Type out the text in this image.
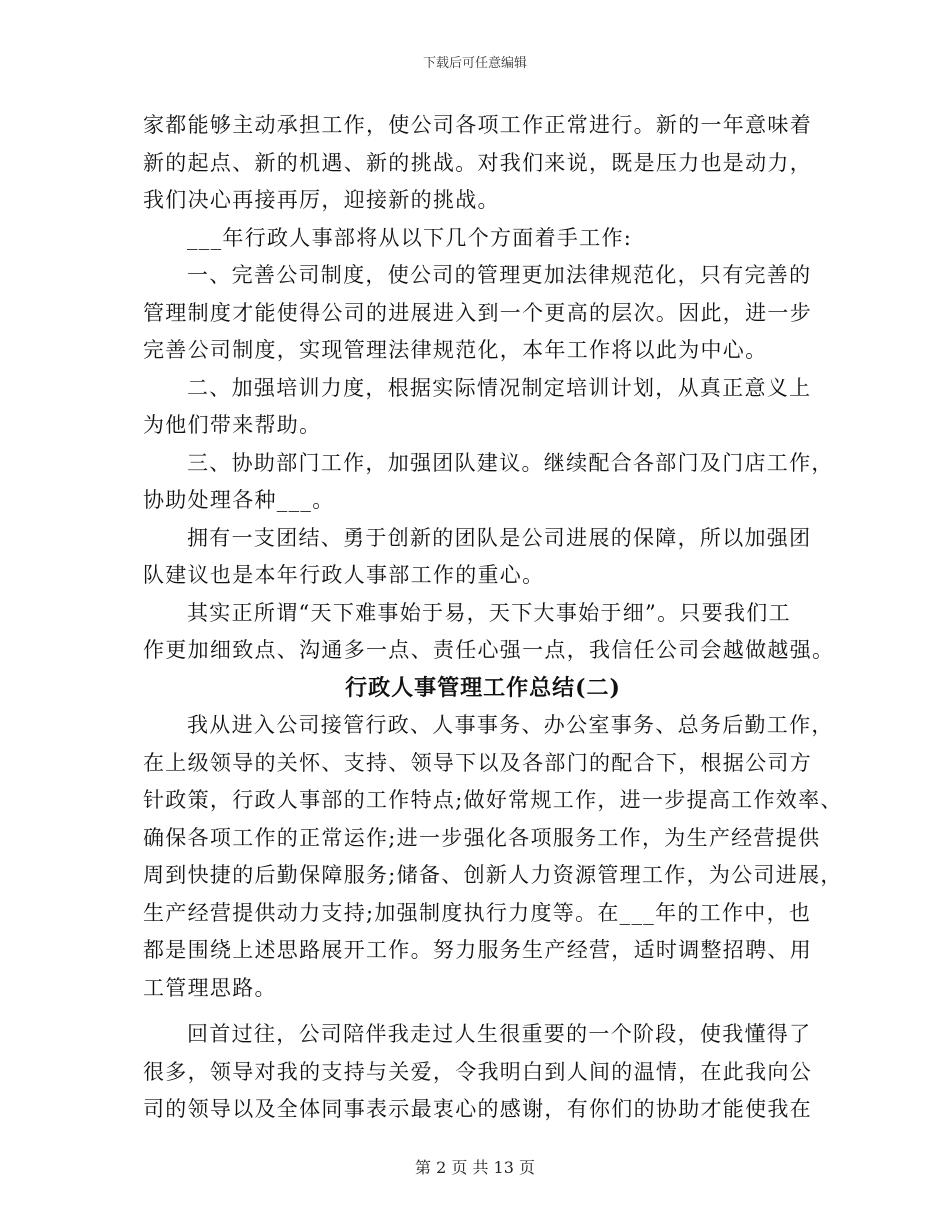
下载后可任意编辑
家都能够主动承担工作，使公司各项工作正常进行。新的一年意味着
新的起点、新的机遇、新的挑战。对我们来说，既是压力也是动力，
我们决心再接再厉，迎接新的挑战。
___年行政人事部将从以下几个方面着手工作:
一、完善公司制度，使公司的管理更加法律规范化，只有完善的
管理制度才能使得公司的进展进入到一个更高的层次。因此，进一步
完善公司制度，实现管理法律规范化，本年工作将以此为中心。
二、加强培训力度，根据实际情况制定培训计划，从真正意义上
为他们带来帮助。
三、协助部门工作，加强团队建议。继续配合各部门及门店工作，
协助处理各种___。
拥有一支团结、勇于创新的团队是公司进展的保障，所以加强团
队建议也是本年行政人事部工作的重心。
其实正所谓“天下难事始于易，天下大事始于细”。只要我们工
作更加细致点、沟通多一点、责任心强一点，我信任公司会越做越强。
行政人事管理工作总结(二)
我从进入公司接管行政、人事事务、办公室事务、总务后勤工作，
在上级领导的关怀、支持、领导下以及各部门的配合下，根据公司方
针政策，行政人事部的工作特点;做好常规工作，进一步提高工作效率、
确保各项工作的正常运作;进一步强化各项服务工作，为生产经营提供
周到快捷的后勤保障服务;储备、创新人力资源管理工作，为公司进展，
生产经营提供动力支持;加强制度执行力度等。在___年的工作中，也
都是围绕上述思路展开工作。努力服务生产经营，适时调整招聘、用
工管理思路。
回首过往，公司陪伴我走过人生很重要的一个阶段，使我懂得了
很多，领导对我的支持与关爱，令我明白到人间的温情，在此我向公
司的领导以及全体同事表示最衷心的感谢，有你们的协助才能使我在
第 2 页 共 13 页
